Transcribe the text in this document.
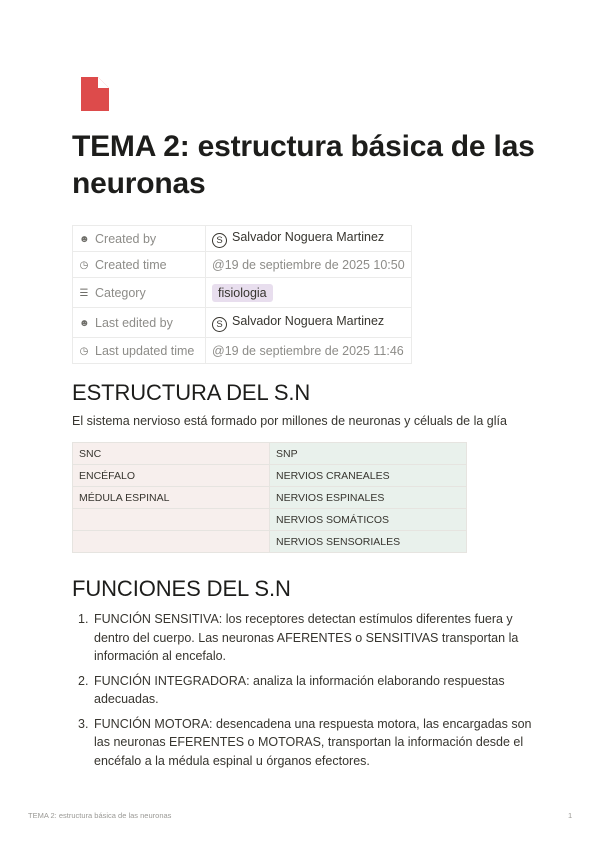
TEMA 2: estructura básica de las neuronas
☻ Created by	S Salvador Noguera Martinez
◷ Created time	@19 de septiembre de 2025 10:50
☰ Category	fisiologia
☻ Last edited by	S Salvador Noguera Martinez
◷ Last updated time	@19 de septiembre de 2025 11:46
ESTRUCTURA DEL S.N

El sistema nervioso está formado por millones de neuronas y céluals de la glía

SNC	SNP
ENCÉFALO	NERVIOS CRANEALES
MÉDULA ESPINAL	NERVIOS ESPINALES
	NERVIOS SOMÁTICOS
	NERVIOS SENSORIALES
FUNCIONES DEL S.N
1. FUNCIÓN SENSITIVA: los receptores detectan estímulos diferentes fuera y dentro del cuerpo. Las neuronas AFERENTES o SENSITIVAS transportan la información al encefalo.
2. FUNCIÓN INTEGRADORA: analiza la información elaborando respuestas adecuadas.
3. FUNCIÓN MOTORA: desencadena una respuesta motora, las encargadas son las neuronas EFERENTES o MOTORAS, transportan la información desde el encéfalo a la médula espinal u órganos efectores.
TEMA 2: estructura básica de las neuronas	1
